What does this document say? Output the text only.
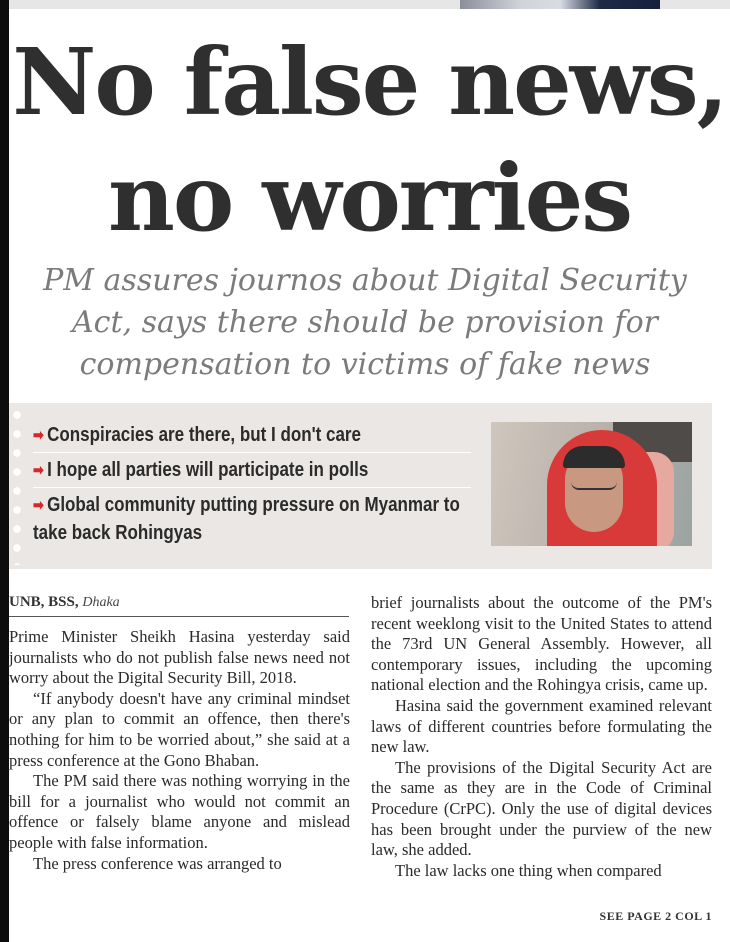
No false news,
no worries

PM assures journos about Digital Security Act, says there should be provision for compensation to victims of fake news

➡ Conspiracies are there, but I don't care

➡ I hope all parties will participate in polls

➡ Global community putting pressure on Myanmar to take back Rohingyas

UNB, BSS, Dhaka

Prime Minister Sheikh Hasina yesterday said journalists who do not publish false news need not worry about the Digital Security Bill, 2018.

“If anybody doesn't have any criminal mindset or any plan to commit an offence, then there's nothing for him to be worried about,” she said at a press conference at the Gono Bhaban.

The PM said there was nothing worrying in the bill for a journalist who would not commit an offence or falsely blame anyone and mislead people with false information.

The press conference was arranged to

brief journalists about the outcome of the PM's recent weeklong visit to the United States to attend the 73rd UN General Assembly. However, all contemporary issues, including the upcoming national election and the Rohingya crisis, came up.

Hasina said the government examined relevant laws of different countries before formulating the new law.

The provisions of the Digital Security Act are the same as they are in the Code of Criminal Procedure (CrPC). Only the use of digital devices has been brought under the purview of the new law, she added.

The law lacks one thing when compared

SEE PAGE 2 COL 1
